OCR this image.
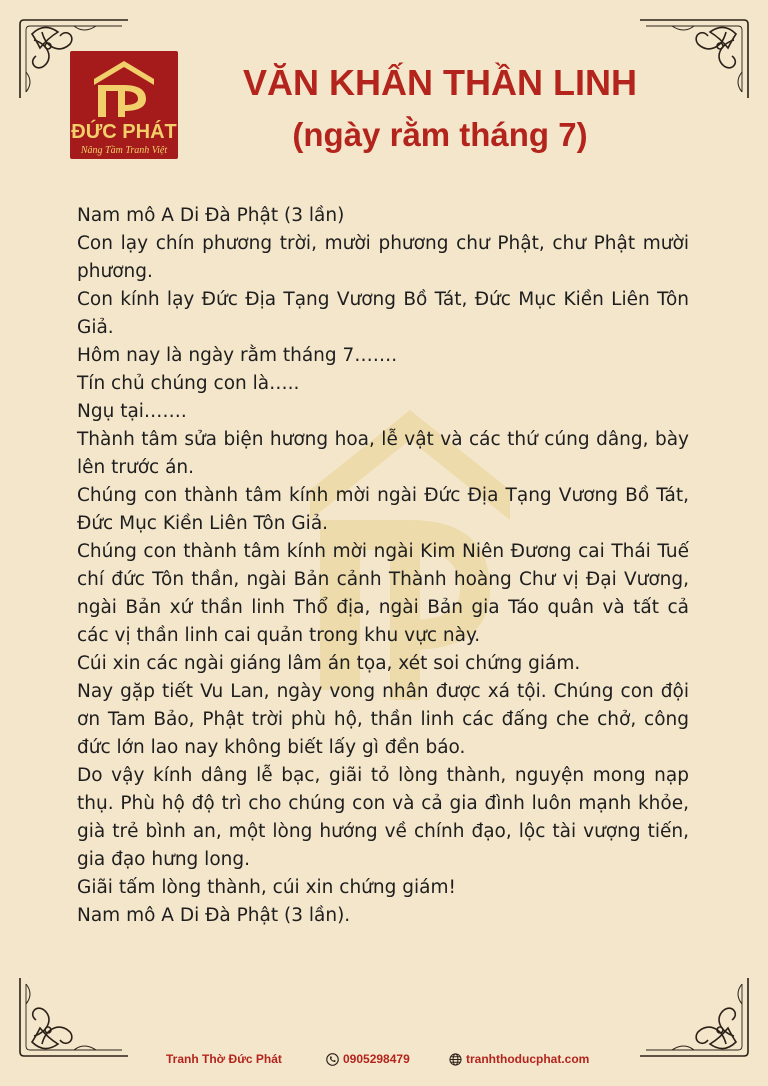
ĐỨC PHÁT
Nâng Tầm Tranh Việt
VĂN KHẤN THẦN LINH
(ngày rằm tháng 7)

Nam mô A Di Đà Phật (3 lần)

Con lạy chín phương trời, mười phương chư Phật, chư Phật mười phương.

Con kính lạy Đức Địa Tạng Vương Bồ Tát, Đức Mục Kiền Liên Tôn Giả.

Hôm nay là ngày rằm tháng 7…….

Tín chủ chúng con là…..

Ngụ tại…….

Thành tâm sửa biện hương hoa, lễ vật và các thứ cúng dâng, bày lên trước án.

Chúng con thành tâm kính mời ngài Đức Địa Tạng Vương Bồ Tát, Đức Mục Kiền Liên Tôn Giả.

Chúng con thành tâm kính mời ngài Kim Niên Đương cai Thái Tuế chí đức Tôn thần, ngài Bản cảnh Thành hoàng Chư vị Đại Vương, ngài Bản xứ thần linh Thổ địa, ngài Bản gia Táo quân và tất cả các vị thần linh cai quản trong khu vực này.

Cúi xin các ngài giáng lâm án tọa, xét soi chứng giám.

Nay gặp tiết Vu Lan, ngày vong nhân được xá tội. Chúng con đội ơn Tam Bảo, Phật trời phù hộ, thần linh các đấng che chở, công đức lớn lao nay không biết lấy gì đền báo.

Do vậy kính dâng lễ bạc, giãi tỏ lòng thành, nguyện mong nạp thụ. Phù hộ độ trì cho chúng con và cả gia đình luôn mạnh khỏe, già trẻ bình an, một lòng hướng về chính đạo, lộc tài vượng tiến, gia đạo hưng long.

Giãi tấm lòng thành, cúi xin chứng giám!

Nam mô A Di Đà Phật (3 lần).

Tranh Thờ Đức Phát	0905298479	tranhthoducphat.com
